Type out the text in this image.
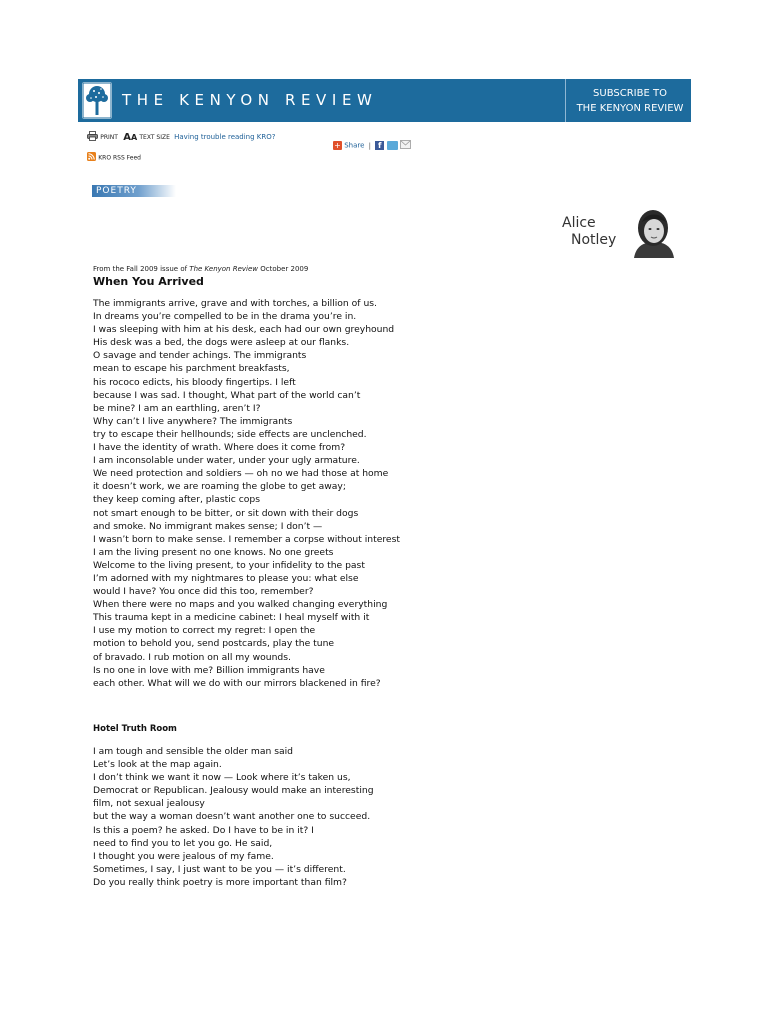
THE KENYON REVIEW	SUBSCRIBE TO
THE KENYON REVIEW
PRINT AA TEXT SIZE Having trouble reading KRO?
KRO RSS Feed
+ Share | f
POETRY
Alice
Notley
From the Fall 2009 issue of The Kenyon Review October 2009
When You Arrived
The immigrants arrive, grave and with torches, a billion of us.
In dreams you’re compelled to be in the drama you’re in.
I was sleeping with him at his desk, each had our own greyhound
His desk was a bed, the dogs were asleep at our flanks.
O savage and tender achings. The immigrants
mean to escape his parchment breakfasts,
his rococo edicts, his bloody fingertips. I left
because I was sad. I thought, What part of the world can’t
be mine? I am an earthling, aren’t I?
Why can’t I live anywhere? The immigrants
try to escape their hellhounds; side effects are unclenched.
I have the identity of wrath. Where does it come from?
I am inconsolable under water, under your ugly armature.
We need protection and soldiers — oh no we had those at home
it doesn’t work, we are roaming the globe to get away;
they keep coming after, plastic cops
not smart enough to be bitter, or sit down with their dogs
and smoke. No immigrant makes sense; I don’t —
I wasn’t born to make sense. I remember a corpse without interest
I am the living present no one knows. No one greets
Welcome to the living present, to your infidelity to the past
I’m adorned with my nightmares to please you: what else
would I have? You once did this too, remember?
When there were no maps and you walked changing everything
This trauma kept in a medicine cabinet: I heal myself with it
I use my motion to correct my regret: I open the
motion to behold you, send postcards, play the tune
of bravado. I rub motion on all my wounds.
Is no one in love with me? Billion immigrants have
each other. What will we do with our mirrors blackened in fire?
Hotel Truth Room
I am tough and sensible the older man said
Let’s look at the map again.
I don’t think we want it now — Look where it’s taken us,
Democrat or Republican. Jealousy would make an interesting
film, not sexual jealousy
but the way a woman doesn’t want another one to succeed.
Is this a poem? he asked. Do I have to be in it? I
need to find you to let you go. He said,
I thought you were jealous of my fame.
Sometimes, I say, I just want to be you — it’s different.
Do you really think poetry is more important than film?
